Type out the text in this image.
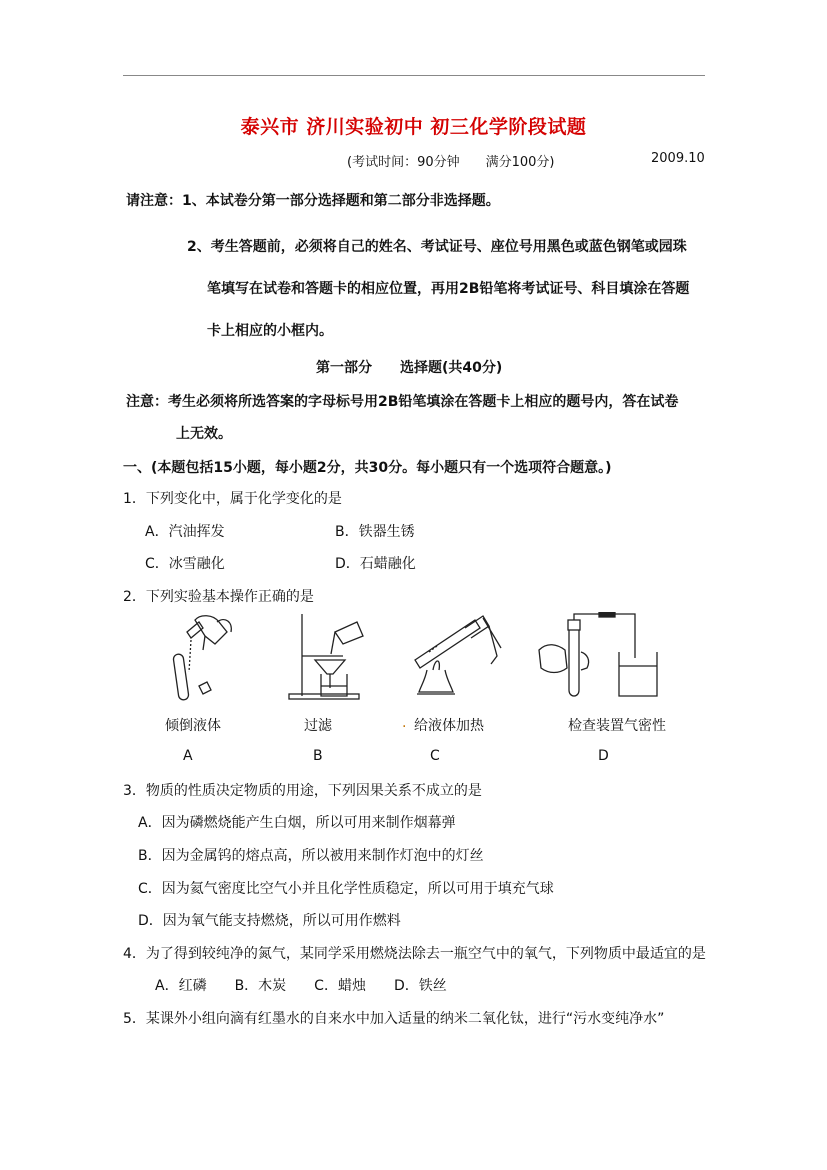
泰兴市 济川实验初中 初三化学阶段试题
(考试时间：90分钟　　满分100分)	2009.10
请注意：1、本试卷分第一部分选择题和第二部分非选择题。
2、考生答题前，必须将自己的姓名、考试证号、座位号用黑色或蓝色钢笔或园珠
笔填写在试卷和答题卡的相应位置，再用2B铅笔将考试证号、科目填涂在答题
卡上相应的小框内。
第一部分　　选择题(共40分)
注意：考生必须将所选答案的字母标号用2B铅笔填涂在答题卡上相应的题号内，答在试卷
上无效。
一、(本题包括15小题，每小题2分，共30分。每小题只有一个选项符合题意。)
1．下列变化中，属于化学变化的是
A．汽油挥发	B．铁器生锈
C．冰雪融化	D．石蜡融化
2．下列实验基本操作正确的是
倾倒液体	过滤	. 给液体加热	检查装置气密性
A	B	C	D
3．物质的性质决定物质的用途，下列因果关系不成立的是
A．因为磷燃烧能产生白烟，所以可用来制作烟幕弹
B．因为金属钨的熔点高，所以被用来制作灯泡中的灯丝
C．因为氦气密度比空气小并且化学性质稳定，所以可用于填充气球
D．因为氧气能支持燃烧，所以可用作燃料
4．为了得到较纯净的氮气，某同学采用燃烧法除去一瓶空气中的氧气，下列物质中最适宜的是
A．红磷　　B．木炭　　C．蜡烛　　D．铁丝
5．某课外小组向滴有红墨水的自来水中加入适量的纳米二氧化钛，进行“污水变纯净水”
